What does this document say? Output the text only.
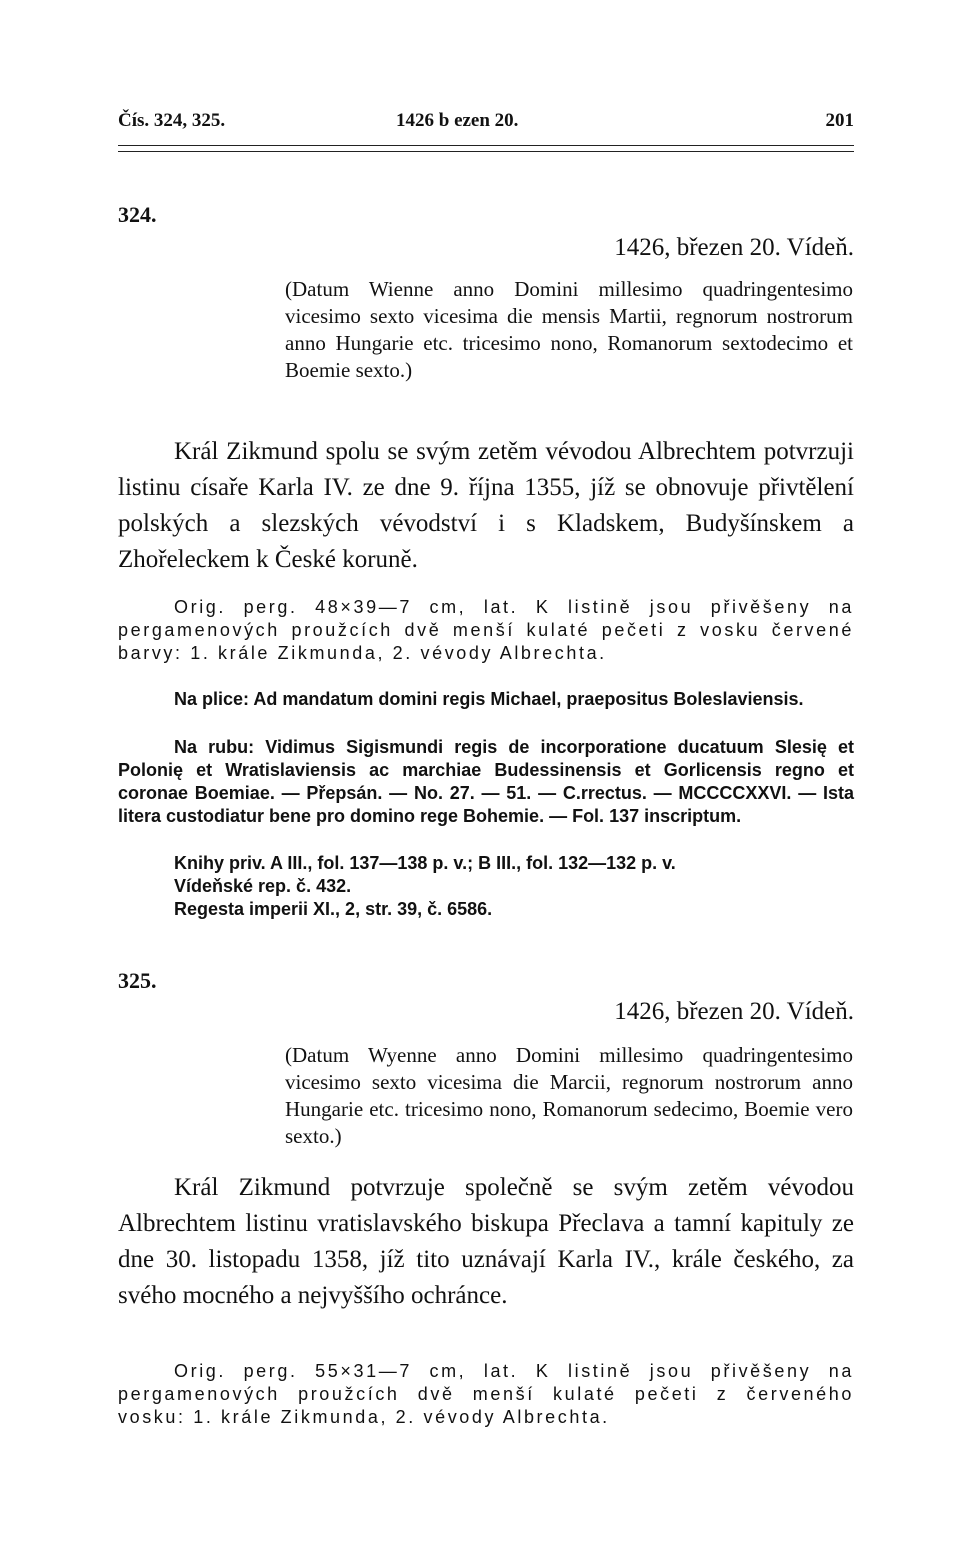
Čís. 324, 325.	1426 b ezen 20.	201
324.
1426, březen 20. Vídeň.
(Datum Wienne anno Domini millesimo quadringentesimo vicesimo sexto vicesima die mensis Martii, regnorum nostrorum anno Hungarie etc. tricesimo nono, Romanorum sextodecimo et Boemie sexto.)
Král Zikmund spolu se svým zetěm vévodou Albrechtem potvrzuji listinu císaře Karla IV. ze dne 9. října 1355, jíž se obnovuje přivtělení polských a slezských vévodství i s Kladskem, Budyšínskem a Zhořeleckem k České koruně.
Orig. perg. 48×39—7 cm, lat. K listině jsou přivěšeny na pergamenových proužcích dvě menší kulaté pečeti z vosku červené barvy: 1. krále Zikmunda, 2. vévody Albrechta.
Na plice: Ad mandatum domini regis Michael, praepositus Boleslaviensis.
Na rubu: Vidimus Sigismundi regis de incorporatione ducatuum Slesię et Polonię et Wratislaviensis ac marchiae Budessinensis et Gorlicensis regno et coronae Boemiae. — Přepsán. — No. 27. — 51. — C.rrectus. — MCCCCXXVI. — Ista litera custodiatur bene pro domino rege Bohemie. — Fol. 137 inscriptum.
Knihy priv. A III., fol. 137—138 p. v.; B III., fol. 132—132 p. v.
Vídeňské rep. č. 432.
Regesta imperii XI., 2, str. 39, č. 6586.
325.
1426, březen 20. Vídeň.
(Datum Wyenne anno Domini millesimo quadringentesimo vicesimo sexto vicesima die Marcii, regnorum nostrorum anno Hungarie etc. tricesimo nono, Romanorum sedecimo, Boemie vero sexto.)
Král Zikmund potvrzuje společně se svým zetěm vévodou Albrechtem listinu vratislavského biskupa Přeclava a tamní kapituly ze dne 30. listopadu 1358, jíž tito uznávají Karla IV., krále českého, za svého mocného a nejvyššího ochránce.
Orig. perg. 55×31—7 cm, lat. K listině jsou přivěšeny na pergamenových proužcích dvě menší kulaté pečeti z červeného vosku: 1. krále Zikmunda, 2. vévody Albrechta.
